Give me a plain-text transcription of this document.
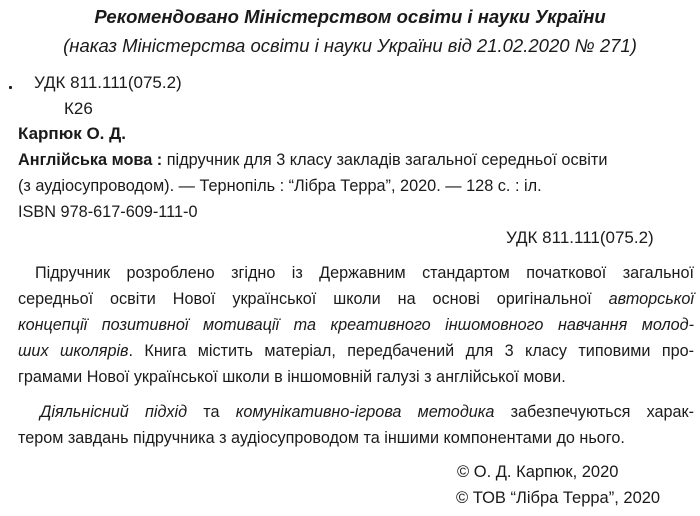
Рекомендовано Міністерством освіти і науки України
(наказ Міністерства освіти і науки України від 21.02.2020 № 271)
УДК 811.111(075.2)
К26
Карпюк О. Д.
Англійська мова : підручник для 3 класу закладів загальної середньої освіти
(з аудіосупроводом). — Тернопіль : “Лібра Терра”, 2020. — 128 с. : іл.
ISBN 978-617-609-111-0
УДК 811.111(075.2)
Підручник розроблено згідно із Державним стандартом початкової загальної
середньої освіти Нової української школи на основі оригінальної авторської
концепції позитивної мотивації та креативного іншомовного навчання молод-
ших школярів. Книга містить матеріал, передбачений для 3 класу типовими про-
грамами Нової української школи в іншомовній галузі з англійської мови.
Діяльнісний підхід та комунікативно-ігрова методика забезпечуються харак-
тером завдань підручника з аудіосупроводом та іншими компонентами до нього.
© О. Д. Карпюк, 2020
© ТОВ “Лібра Терра”, 2020
